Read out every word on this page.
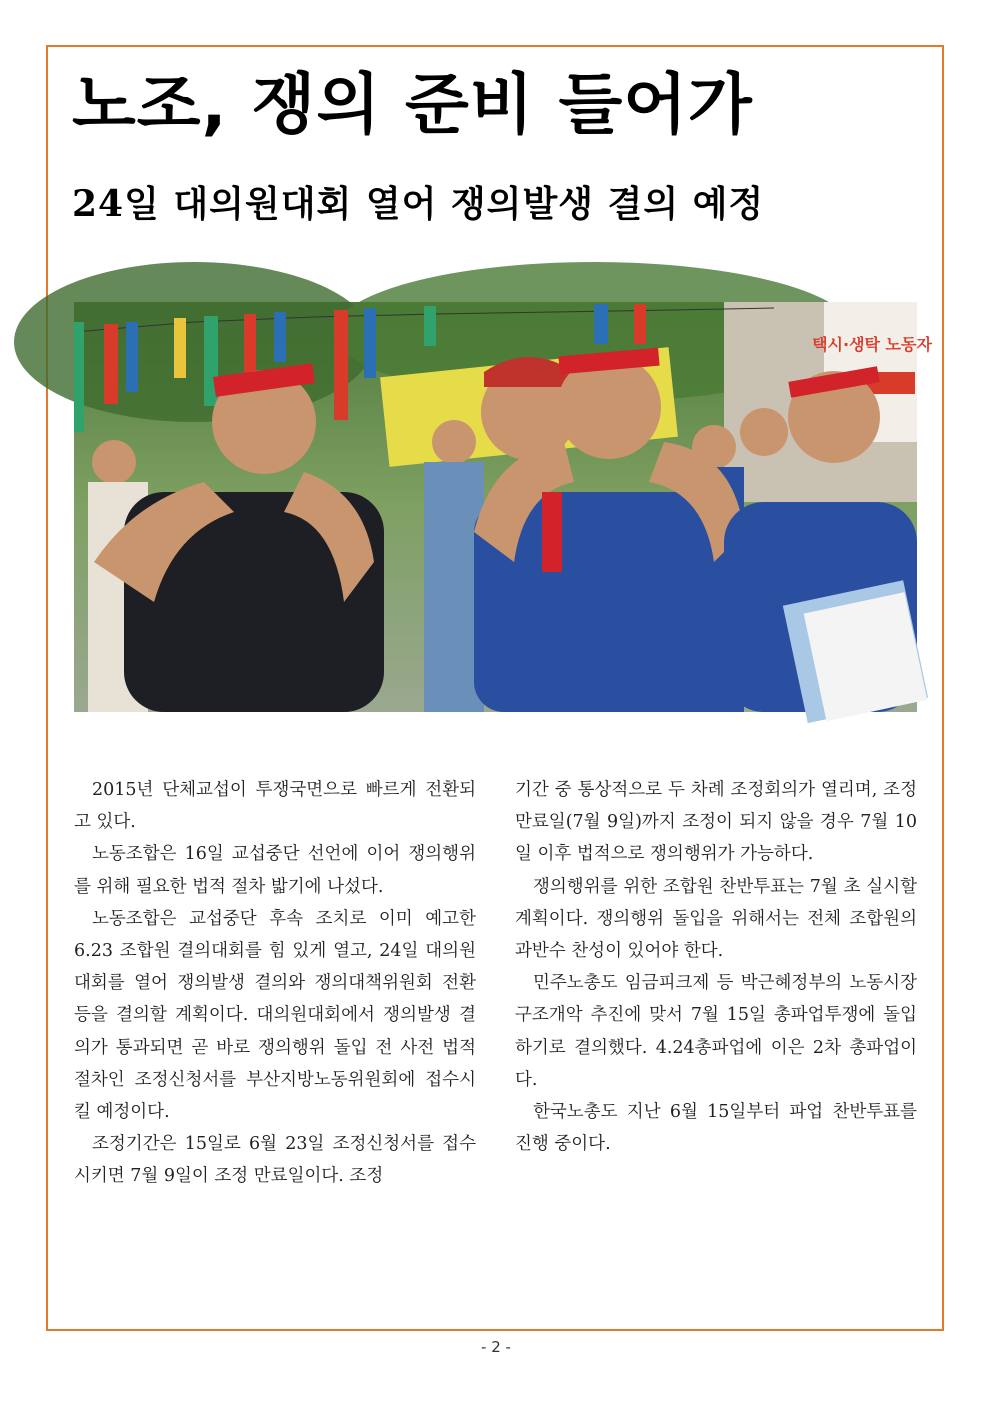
노조, 쟁의 준비 들어가
24일 대의원대회 열어 쟁의발생 결의 예정
택시·생탁 노동자

2015년 단체교섭이 투쟁국면으로 빠르게 전환되고 있다.

노동조합은 16일 교섭중단 선언에 이어 쟁의행위를 위해 필요한 법적 절차 밟기에 나섰다.

노동조합은 교섭중단 후속 조치로 이미 예고한 6.23 조합원 결의대회를 힘 있게 열고, 24일 대의원대회를 열어 쟁의발생 결의와 쟁의대책위원회 전환 등을 결의할 계획이다. 대의원대회에서 쟁의발생 결의가 통과되면 곧 바로 쟁의행위 돌입 전 사전 법적 절차인 조정신청서를 부산지방노동위원회에 접수시킬 예정이다.

조정기간은 15일로 6월 23일 조정신청서를 접수시키면 7월 9일이 조정 만료일이다. 조정

기간 중 통상적으로 두 차례 조정회의가 열리며, 조정만료일(7월 9일)까지 조정이 되지 않을 경우 7월 10일 이후 법적으로 쟁의행위가 가능하다.

쟁의행위를 위한 조합원 찬반투표는 7월 초 실시할 계획이다. 쟁의행위 돌입을 위해서는 전체 조합원의 과반수 찬성이 있어야 한다.

민주노총도 임금피크제 등 박근혜정부의 노동시장 구조개악 추진에 맞서 7월 15일 총파업투쟁에 돌입하기로 결의했다. 4.24총파업에 이은 2차 총파업이다.

한국노총도 지난 6월 15일부터 파업 찬반투표를 진행 중이다.

- 2 -
